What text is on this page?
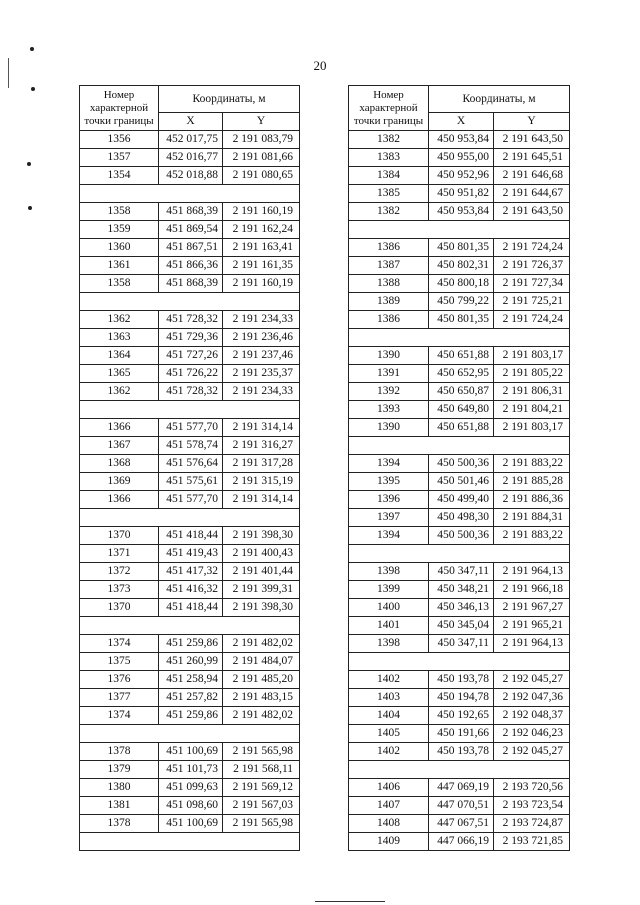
20
Номер характерной точки границы	Координаты, м	
	X	Y
1356	452 017,75	2 191 083,79
1357	452 016,77	2 191 081,66
1354	452 018,88	2 191 080,65

1358	451 868,39	2 191 160,19
1359	451 869,54	2 191 162,24
1360	451 867,51	2 191 163,41
1361	451 866,36	2 191 161,35
1358	451 868,39	2 191 160,19

1362	451 728,32	2 191 234,33
1363	451 729,36	2 191 236,46
1364	451 727,26	2 191 237,46
1365	451 726,22	2 191 235,37
1362	451 728,32	2 191 234,33

1366	451 577,70	2 191 314,14
1367	451 578,74	2 191 316,27
1368	451 576,64	2 191 317,28
1369	451 575,61	2 191 315,19
1366	451 577,70	2 191 314,14

1370	451 418,44	2 191 398,30
1371	451 419,43	2 191 400,43
1372	451 417,32	2 191 401,44
1373	451 416,32	2 191 399,31
1370	451 418,44	2 191 398,30

1374	451 259,86	2 191 482,02
1375	451 260,99	2 191 484,07
1376	451 258,94	2 191 485,20
1377	451 257,82	2 191 483,15
1374	451 259,86	2 191 482,02

1378	451 100,69	2 191 565,98
1379	451 101,73	2 191 568,11
1380	451 099,63	2 191 569,12
1381	451 098,60	2 191 567,03
1378	451 100,69	2 191 565,98

Номер характерной точки границы	Координаты, м	
	X	Y
1382	450 953,84	2 191 643,50
1383	450 955,00	2 191 645,51
1384	450 952,96	2 191 646,68
1385	450 951,82	2 191 644,67
1382	450 953,84	2 191 643,50

1386	450 801,35	2 191 724,24
1387	450 802,31	2 191 726,37
1388	450 800,18	2 191 727,34
1389	450 799,22	2 191 725,21
1386	450 801,35	2 191 724,24

1390	450 651,88	2 191 803,17
1391	450 652,95	2 191 805,22
1392	450 650,87	2 191 806,31
1393	450 649,80	2 191 804,21
1390	450 651,88	2 191 803,17

1394	450 500,36	2 191 883,22
1395	450 501,46	2 191 885,28
1396	450 499,40	2 191 886,36
1397	450 498,30	2 191 884,31
1394	450 500,36	2 191 883,22

1398	450 347,11	2 191 964,13
1399	450 348,21	2 191 966,18
1400	450 346,13	2 191 967,27
1401	450 345,04	2 191 965,21
1398	450 347,11	2 191 964,13

1402	450 193,78	2 192 045,27
1403	450 194,78	2 192 047,36
1404	450 192,65	2 192 048,37
1405	450 191,66	2 192 046,23
1402	450 193,78	2 192 045,27

1406	447 069,19	2 193 720,56
1407	447 070,51	2 193 723,54
1408	447 067,51	2 193 724,87
1409	447 066,19	2 193 721,85
